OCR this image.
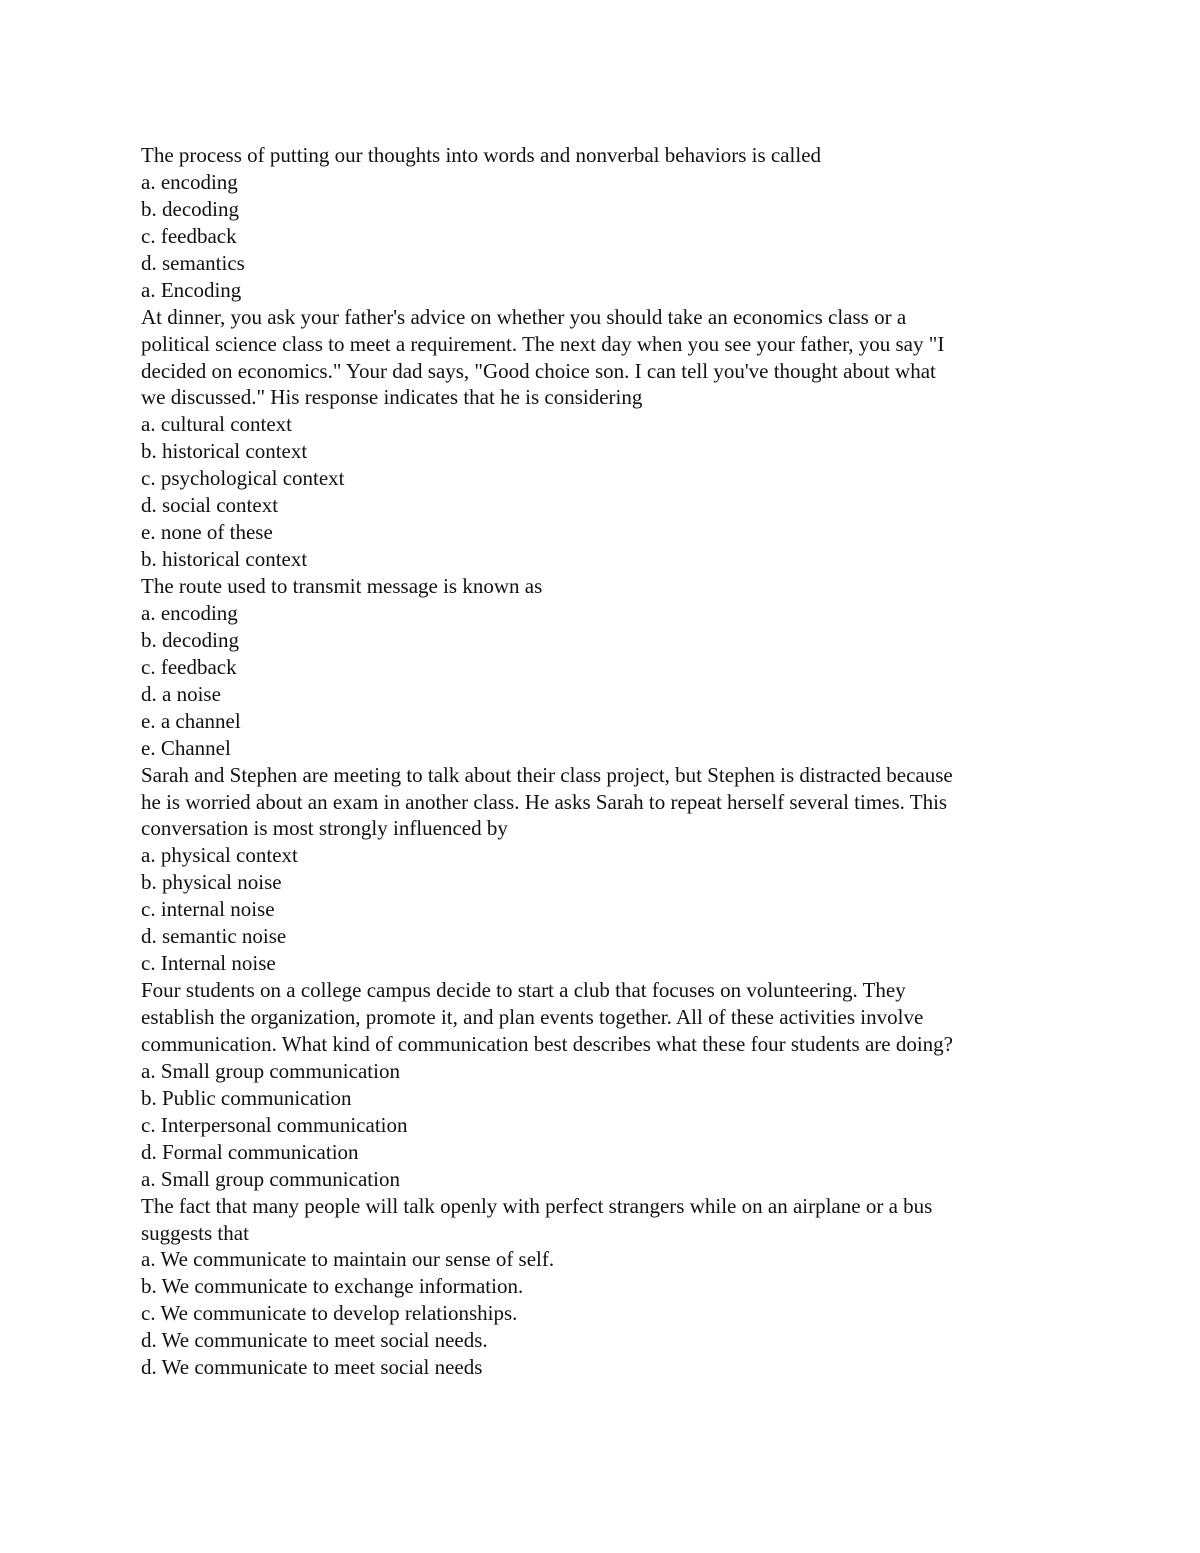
The process of putting our thoughts into words and nonverbal behaviors is called

a. encoding

b. decoding

c. feedback

d. semantics

a. Encoding

At dinner, you ask your father's advice on whether you should take an economics class or a

political science class to meet a requirement. The next day when you see your father, you say "I

decided on economics." Your dad says, "Good choice son. I can tell you've thought about what

we discussed." His response indicates that he is considering

a. cultural context

b. historical context

c. psychological context

d. social context

e. none of these

b. historical context

The route used to transmit message is known as

a. encoding

b. decoding

c. feedback

d. a noise

e. a channel

e. Channel

Sarah and Stephen are meeting to talk about their class project, but Stephen is distracted because

he is worried about an exam in another class. He asks Sarah to repeat herself several times. This

conversation is most strongly influenced by

a. physical context

b. physical noise

c. internal noise

d. semantic noise

c. Internal noise

Four students on a college campus decide to start a club that focuses on volunteering. They

establish the organization, promote it, and plan events together. All of these activities involve

communication. What kind of communication best describes what these four students are doing?

a. Small group communication

b. Public communication

c. Interpersonal communication

d. Formal communication

a. Small group communication

The fact that many people will talk openly with perfect strangers while on an airplane or a bus

suggests that

a. We communicate to maintain our sense of self.

b. We communicate to exchange information.

c. We communicate to develop relationships.

d. We communicate to meet social needs.

d. We communicate to meet social needs
